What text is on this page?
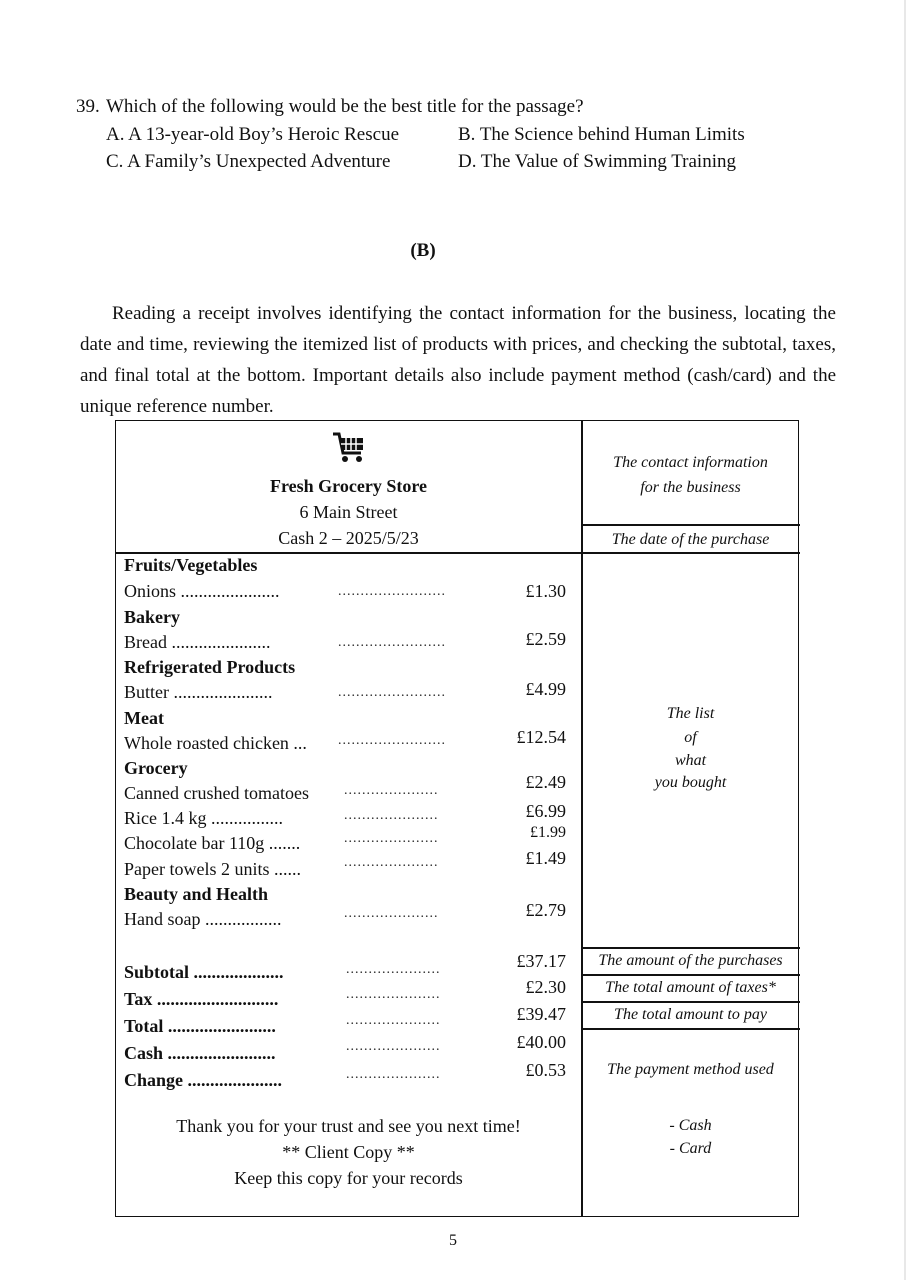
39. Which of the following would be the best title for the passage?
A. A 13-year-old Boy’s Heroic Rescue	B. The Science behind Human Limits
C. A Family’s Unexpected Adventure	D. The Value of Swimming Training
(B)
Reading a receipt involves identifying the contact information for the business, locating the date and time, reviewing the itemized list of products with prices, and checking the subtotal, taxes, and final total at the bottom. Important details also include payment method (cash/card) and the unique reference number.
Fresh Grocery Store
6 Main Street
Cash 2 – 2025/5/23
Fruits/Vegetables
Onions ......................	........................	£1.30
Bakery
Bread ......................	........................	£2.59
Refrigerated Products
Butter ......................	........................	£4.99
Meat
Whole roasted chicken ... ........................	£12.54
Grocery
Canned crushed tomatoes	.....................	£2.49
Rice 1.4 kg ................	.....................	£6.99
Chocolate bar 110g .......	.....................	£1.99
Paper towels 2 units ......	.....................	£1.49
Beauty and Health
Hand soap .................	.....................	£2.79
Subtotal ....................	.....................	£37.17
Tax ...........................	.....................	£2.30
Total ........................	.....................	£39.47
Cash ........................	.....................	£40.00
Change .....................	.....................	£0.53
Thank you for your trust and see you next time!
** Client Copy **
Keep this copy for your records
The contact information
for the business
The date of the purchase
The list
of
what
you bought
The amount of the purchases
The total amount of taxes*
The total amount to pay
The payment method used
- Cash
- Card
5
